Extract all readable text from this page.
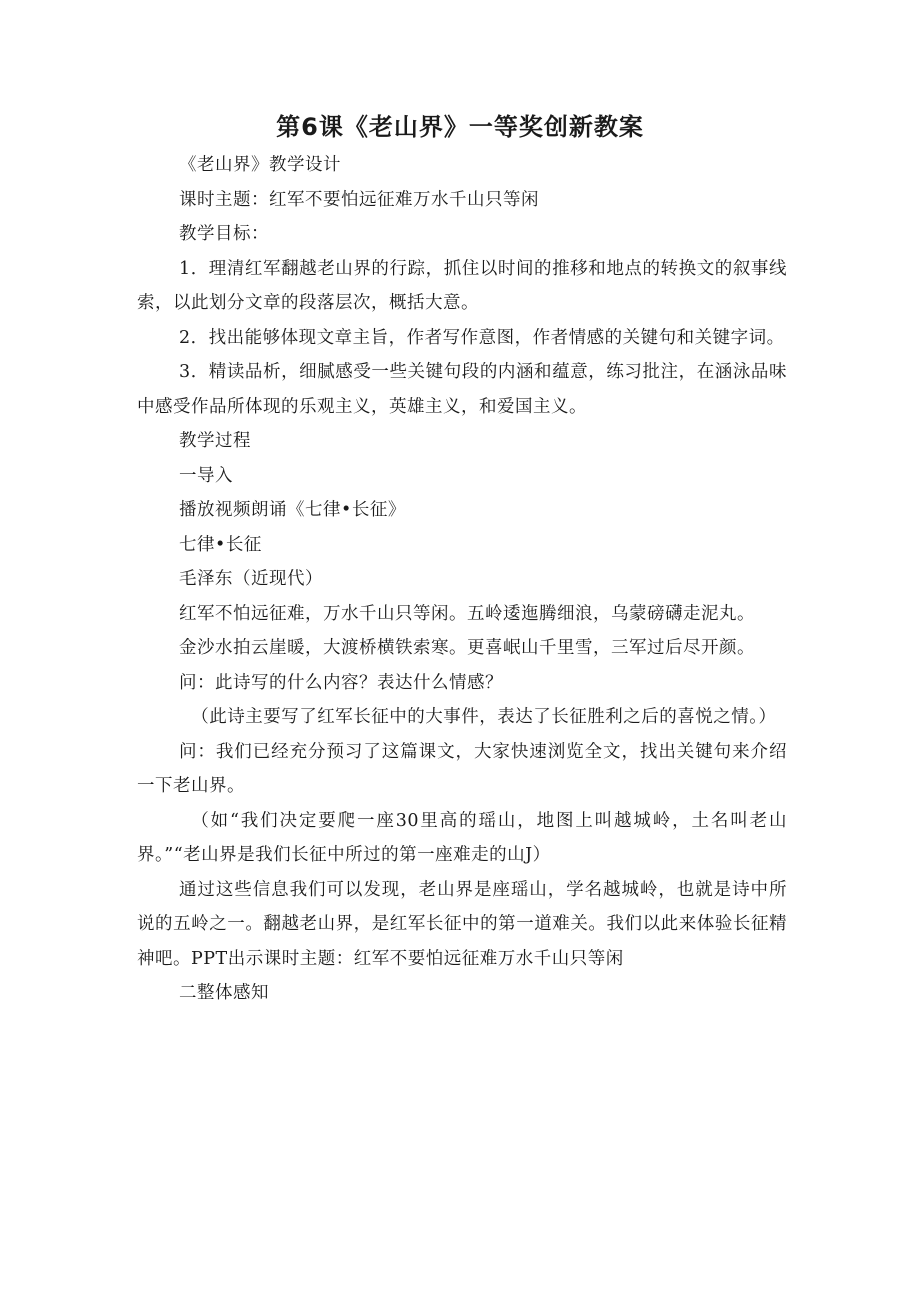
第6课《老山界》一等奖创新教案

《老山界》教学设计

课时主题：红军不要怕远征难万水千山只等闲

教学目标：

1．理清红军翻越老山界的行踪，抓住以时间的推移和地点的转换文的叙事线索，以此划分文章的段落层次，概括大意。

2．找出能够体现文章主旨，作者写作意图，作者情感的关键句和关键字词。

3．精读品析，细腻感受一些关键句段的内涵和蕴意，练习批注，在涵泳品味中感受作品所体现的乐观主义，英雄主义，和爱国主义。

教学过程

一导入

播放视频朗诵《七律•长征》

七律•长征

毛泽东（近现代）

红军不怕远征难，万水千山只等闲。五岭逶迤腾细浪，乌蒙磅礴走泥丸。

金沙水拍云崖暖，大渡桥横铁索寒。更喜岷山千里雪，三军过后尽开颜。

问：此诗写的什么内容？表达什么情感？

（此诗主要写了红军长征中的大事件，表达了长征胜利之后的喜悦之情。）

问：我们已经充分预习了这篇课文，大家快速浏览全文，找出关键句来介绍一下老山界。

（如“我们决定要爬一座30里高的瑶山，地图上叫越城岭，土名叫老山界。”“老山界是我们长征中所过的第一座难走的山J）

通过这些信息我们可以发现，老山界是座瑶山，学名越城岭，也就是诗中所说的五岭之一。翻越老山界，是红军长征中的第一道难关。我们以此来体验长征精神吧。PPT出示课时主题：红军不要怕远征难万水千山只等闲

二整体感知
